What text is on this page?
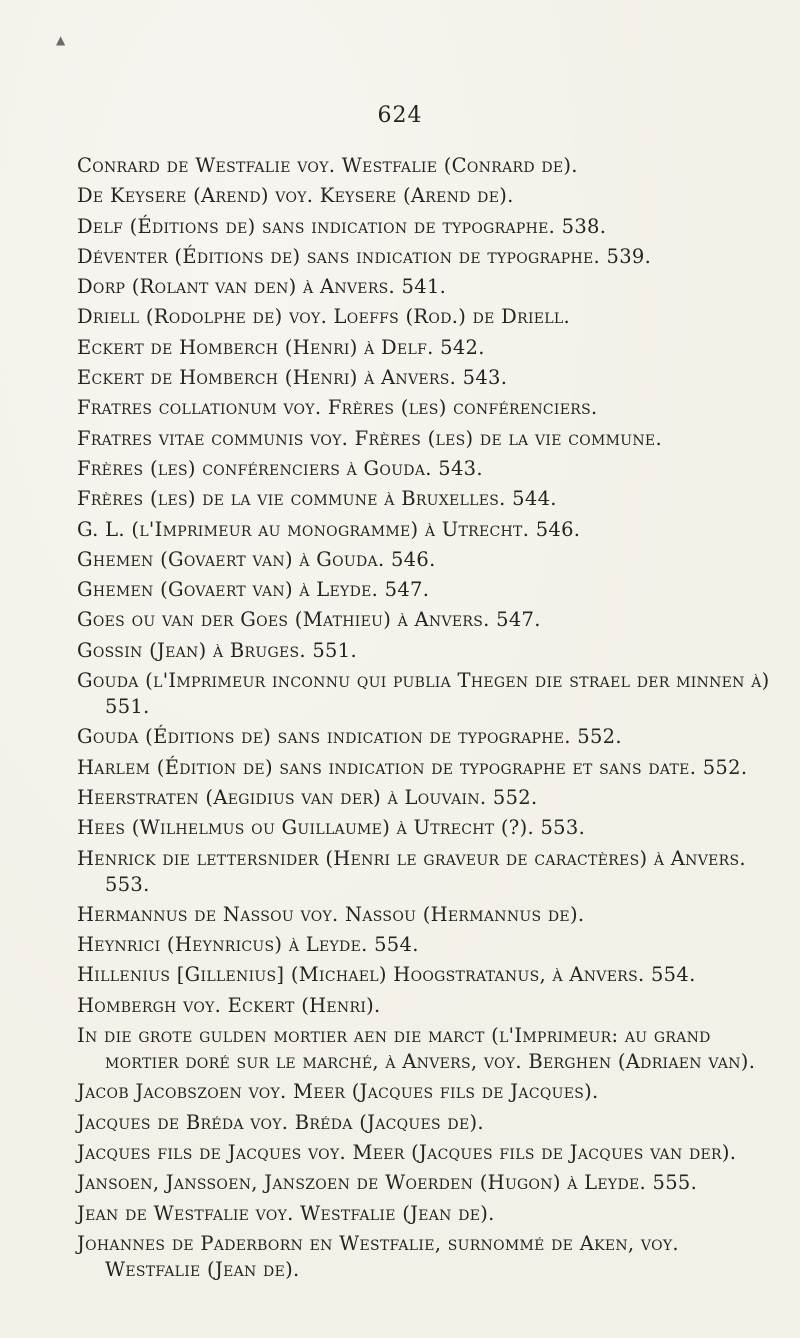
▲
624

Conrard de Westfalie voy. Westfalie (Conrard de).

De Keysere (Arend) voy. Keysere (Arend de).

Delf (Éditions de) sans indication de typographe. 538.

Déventer (Éditions de) sans indication de typographe. 539.

Dorp (Rolant van den) à Anvers. 541.

Driell (Rodolphe de) voy. Loeffs (Rod.) de Driell.

Eckert de Homberch (Henri) à Delf. 542.

Eckert de Homberch (Henri) à Anvers. 543.

Fratres collationum voy. Frères (les) conférenciers.

Fratres vitae communis voy. Frères (les) de la vie commune.

Frères (les) conférenciers à Gouda. 543.

Frères (les) de la vie commune à Bruxelles. 544.

G. L. (l'Imprimeur au monogramme) à Utrecht. 546.

Ghemen (Govaert van) à Gouda. 546.

Ghemen (Govaert van) à Leyde. 547.

Goes ou van der Goes (Mathieu) à Anvers. 547.

Gossin (Jean) à Bruges. 551.

Gouda (l'Imprimeur inconnu qui publia Thegen die strael der minnen à) 551.

Gouda (Éditions de) sans indication de typographe. 552.

Harlem (Édition de) sans indication de typographe et sans date. 552.

Heerstraten (Aegidius van der) à Louvain. 552.

Hees (Wilhelmus ou Guillaume) à Utrecht (?). 553.

Henrick die lettersnider (Henri le graveur de caractères) à Anvers. 553.

Hermannus de Nassou voy. Nassou (Hermannus de).

Heynrici (Heynricus) à Leyde. 554.

Hillenius [Gillenius] (Michael) Hoogstratanus, à Anvers. 554.

Hombergh voy. Eckert (Henri).

In die grote gulden mortier aen die marct (l'Imprimeur: au grand mortier doré sur le marché, à Anvers, voy. Berghen (Adriaen van).

Jacob Jacobszoen voy. Meer (Jacques fils de Jacques).

Jacques de Bréda voy. Bréda (Jacques de).

Jacques fils de Jacques voy. Meer (Jacques fils de Jacques van der).

Jansoen, Janssoen, Janszoen de Woerden (Hugon) à Leyde. 555.

Jean de Westfalie voy. Westfalie (Jean de).

Johannes de Paderborn en Westfalie, surnommé de Aken, voy. Westfalie (Jean de).
